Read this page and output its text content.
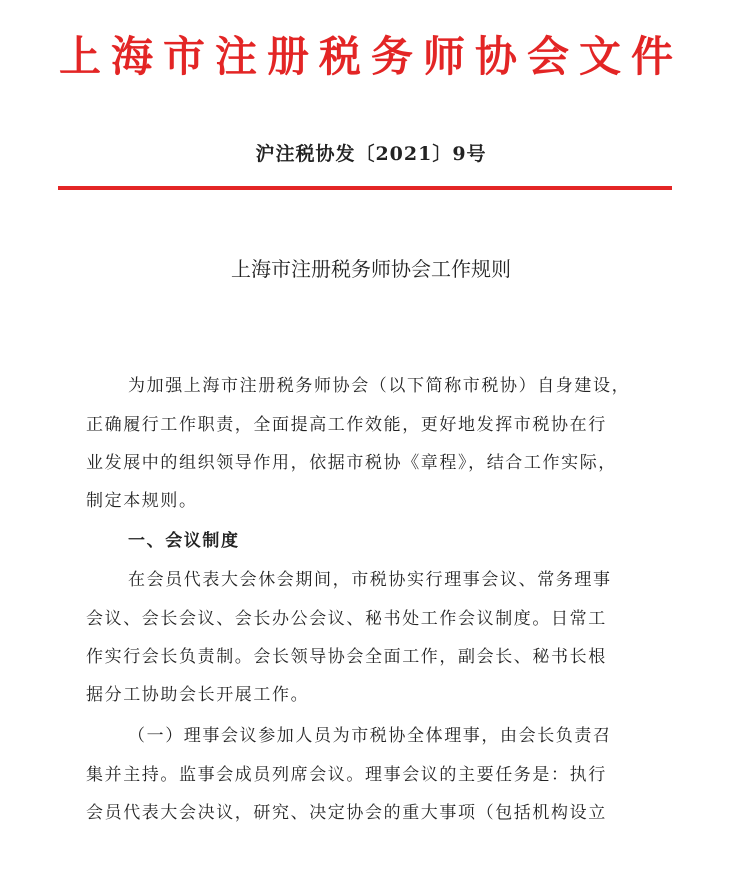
上海市注册税务师协会文件
沪注税协发〔2021〕9号
上海市注册税务师协会工作规则
为加强上海市注册税务师协会（以下简称市税协）自身建设，
正确履行工作职责，全面提高工作效能，更好地发挥市税协在行
业发展中的组织领导作用，依据市税协《章程》，结合工作实际，
制定本规则。
一、会议制度
在会员代表大会休会期间，市税协实行理事会议、常务理事
会议、会长会议、会长办公会议、秘书处工作会议制度。日常工
作实行会长负责制。会长领导协会全面工作，副会长、秘书长根
据分工协助会长开展工作。
（一）理事会议参加人员为市税协全体理事，由会长负责召
集并主持。监事会成员列席会议。理事会议的主要任务是：执行
会员代表大会决议，研究、决定协会的重大事项（包括机构设立
